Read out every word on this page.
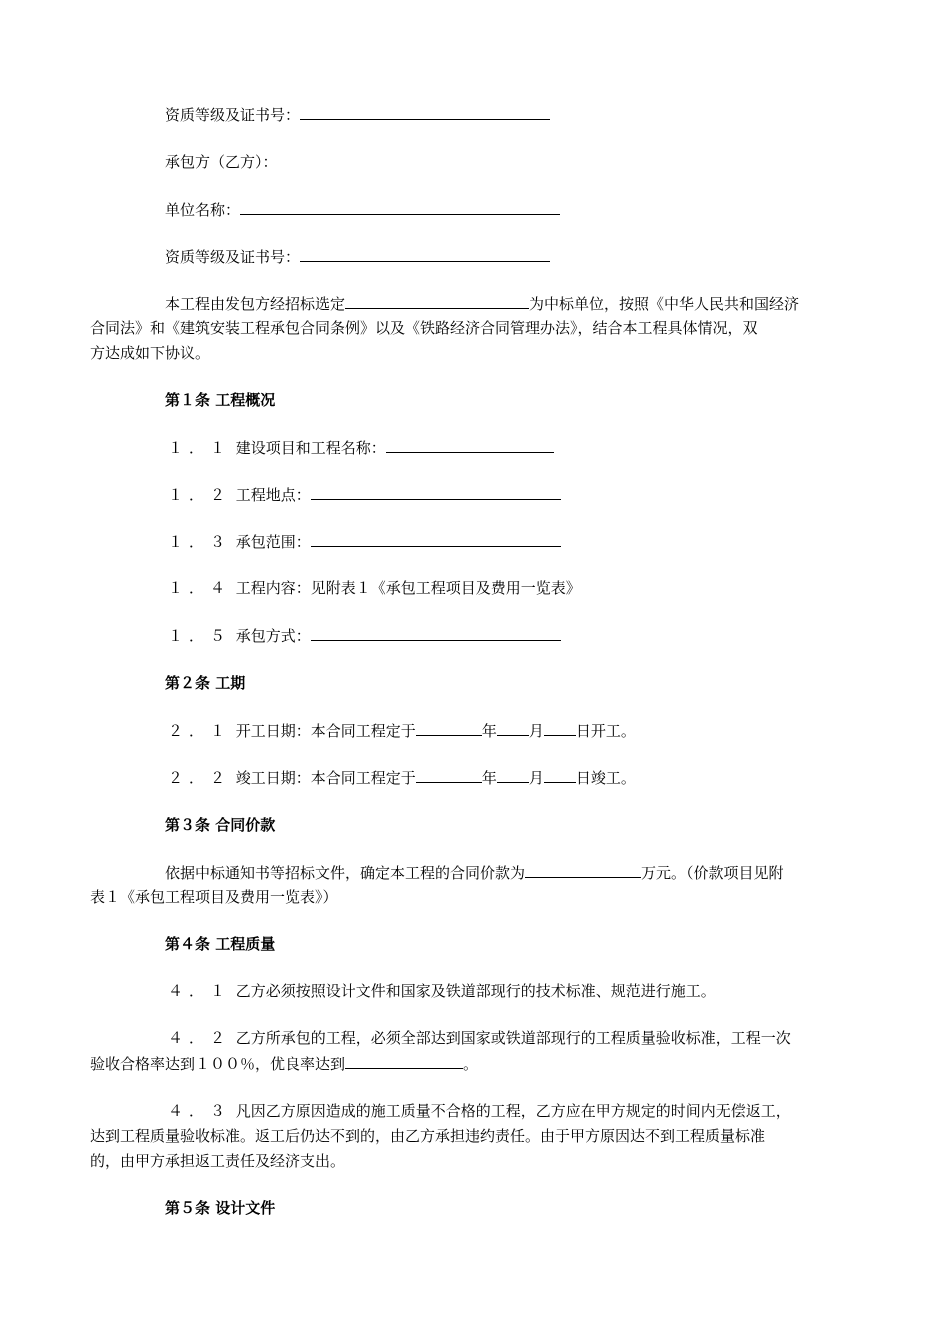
资质等级及证书号：
承包方（乙方）：
单位名称：
资质等级及证书号：
本工程由发包方经招标选定	为中标单位，按照《中华人民共和国经济
合同法》和《建筑安装工程承包合同条例》以及《铁路经济合同管理办法》，结合本工程具体情况，双
方达成如下协议。
第１条 工程概况
１．１ 建设项目和工程名称：
１．２ 工程地点：
１．３ 承包范围：
１．４ 工程内容：见附表１《承包工程项目及费用一览表》
１．５ 承包方式：
第２条 工期
２．１ 开工日期：本合同工程定于	年 月 日开工。
２．２ 竣工日期：本合同工程定于	年 月 日竣工。
第３条 合同价款
依据中标通知书等招标文件，确定本工程的合同价款为	万元。（价款项目见附
表１《承包工程项目及费用一览表》）
第４条 工程质量
４．１ 乙方必须按照设计文件和国家及铁道部现行的技术标准、规范进行施工。
４．２ 乙方所承包的工程，必须全部达到国家或铁道部现行的工程质量验收标准，工程一次
验收合格率达到１００％，优良率达到	。
４．３ 凡因乙方原因造成的施工质量不合格的工程，乙方应在甲方规定的时间内无偿返工，
达到工程质量验收标准。返工后仍达不到的，由乙方承担违约责任。由于甲方原因达不到工程质量标准
的，由甲方承担返工责任及经济支出。
第５条 设计文件
